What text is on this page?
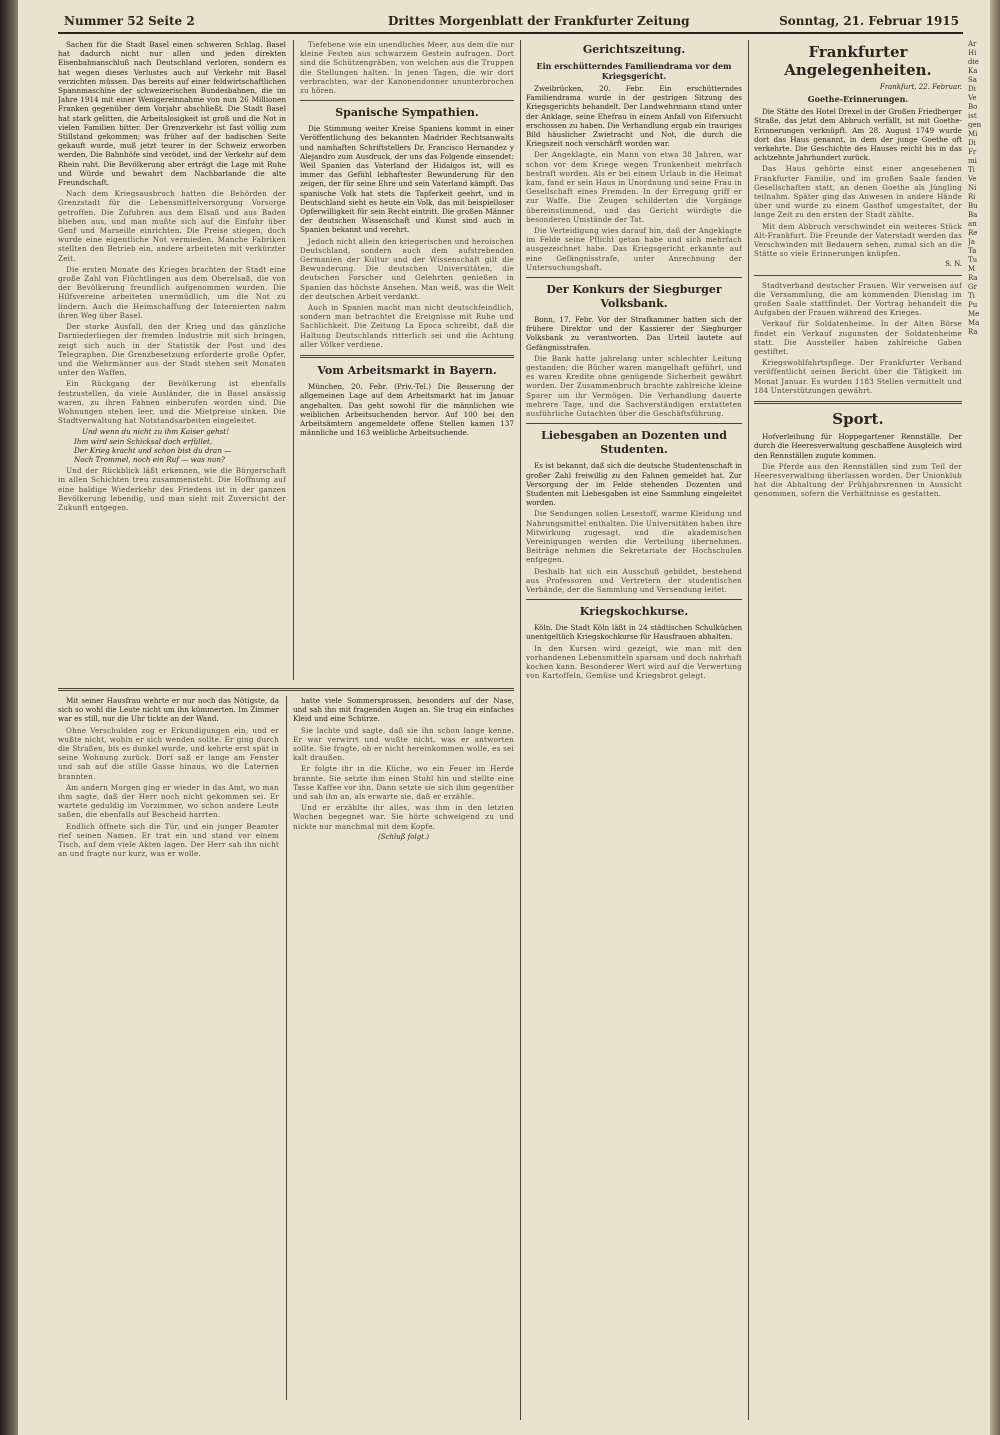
Nummer 52 Seite 2	Drittes Morgenblatt der Frankfurter Zeitung	Sonntag, 21. Februar 1915

Sachen für die Stadt Basel einen schweren Schlag. Basel hat dadurch nicht nur allen und jeden direkten Eisenbahnanschluß nach Deutschland verloren, sondern es hat wegen dieses Verlustes auch auf Verkehr mit Basel verzichten müssen. Das bereits auf einer feldwirtschaftlichen Spannmaschine der schweizerischen Bundesbahnen, die im Jahre 1914 mit einer Wenigereinnahme von nun 26 Millionen Franken gegenüber dem Vorjahr abschließt. Die Stadt Basel hat stark gelitten, die Arbeitslosigkeit ist groß und die Not in vielen Familien bitter. Der Grenzverkehr ist fast völlig zum Stillstand gekommen; was früher auf der badischen Seite gekauft wurde, muß jetzt teurer in der Schweiz erworben werden. Die Bahnhöfe sind verödet, und der Verkehr auf dem Rhein ruht. Die Bevölkerung aber erträgt die Lage mit Ruhe und Würde und bewahrt dem Nachbarlande die alte Freundschaft.

Nach dem Kriegsausbruch hatten die Behörden der Grenzstadt für die Lebensmittelversorgung Vorsorge getroffen. Die Zufuhren aus dem Elsaß und aus Baden blieben aus, und man mußte sich auf die Einfuhr über Genf und Marseille einrichten. Die Preise stiegen, doch wurde eine eigentliche Not vermieden. Manche Fabriken stellten den Betrieb ein, andere arbeiteten mit verkürzter Zeit.

Die ersten Monate des Krieges brachten der Stadt eine große Zahl von Flüchtlingen aus dem Oberelsaß, die von der Bevölkerung freundlich aufgenommen wurden. Die Hilfsvereine arbeiteten unermüdlich, um die Not zu lindern. Auch die Heimschaffung der Internierten nahm ihren Weg über Basel.

Der starke Ausfall, den der Krieg und das gänzliche Darniederliegen der fremden Industrie mit sich bringen, zeigt sich auch in der Statistik der Post und des Telegraphen. Die Grenzbesetzung erforderte große Opfer, und die Wehrmänner aus der Stadt stehen seit Monaten unter den Waffen.

Ein Rückgang der Bevölkerung ist ebenfalls festzustellen, da viele Ausländer, die in Basel ansässig waren, zu ihren Fahnen einberufen worden sind. Die Wohnungen stehen leer, und die Mietpreise sinken. Die Stadtverwaltung hat Notstandsarbeiten eingeleitet.

Und wenn du nicht zu ihm Kaiser gehst!
Ihm wird sein Schicksal doch erfüllet,
Der Krieg kracht und schon bist du dran —
Noch Trommel, noch ein Ruf — was nun?

Und der Rückblick läßt erkennen, wie die Bürgerschaft in allen Schichten treu zusammensteht. Die Hoffnung auf eine baldige Wiederkehr des Friedens ist in der ganzen Bevölkerung lebendig, und man sieht mit Zuversicht der Zukunft entgegen.

Tiefebene wie ein unendliches Meer, aus dem die nur kleine Festen aus schwarzem Gestein aufragen. Dort sind die Schützengräben, von welchen aus die Truppen die Stellungen halten. In jenen Tagen, die wir dort verbrachten, war der Kanonendonner ununterbrochen zu hören.

Spanische Sympathien.

Die Stimmung weiter Kreise Spaniens kommt in einer Veröffentlichung des bekannten Madrider Rechtsanwalts und namhaften Schriftstellers Dr. Francisco Hernandez y Alejandro zum Ausdruck, der uns das Folgende einsendet: Weil Spanien das Vaterland der Hidalgos ist, will es immer das Gefühl lebhaftester Bewunderung für den zeigen, der für seine Ehre und sein Vaterland kämpft. Das spanische Volk hat stets die Tapferkeit geehrt, und in Deutschland sieht es heute ein Volk, das mit beispielloser Opferwilligkeit für sein Recht eintritt. Die großen Männer der deutschen Wissenschaft und Kunst sind auch in Spanien bekannt und verehrt.

Jedoch nicht allein den kriegerischen und heroischen Deutschland, sondern auch dem aufstrebenden Germanien der Kultur und der Wissenschaft gilt die Bewunderung. Die deutschen Universitäten, die deutschen Forscher und Gelehrten genießen in Spanien das höchste Ansehen. Man weiß, was die Welt der deutschen Arbeit verdankt.

Auch in Spanien macht man nicht deutschfeindlich, sondern man betrachtet die Ereignisse mit Ruhe und Sachlichkeit. Die Zeitung La Epoca schreibt, daß die Haltung Deutschlands ritterlich sei und die Achtung aller Völker verdiene.

Vom Arbeitsmarkt in Bayern.

München, 20. Febr. (Priv.-Tel.) Die Besserung der allgemeinen Lage auf dem Arbeitsmarkt hat im Januar angehalten. Das geht sowohl für die männlichen wie weiblichen Arbeitsuchenden hervor. Auf 100 bei den Arbeitsämtern angemeldete offene Stellen kamen 137 männliche und 163 weibliche Arbeitsuchende.

Gerichtszeitung.
Ein erschütterndes Familiendrama vor dem Kriegsgericht.

Zweibrücken, 20. Febr. Ein erschütterndes Familiendrama wurde in der gestrigen Sitzung des Kriegsgerichts behandelt. Der Landwehrmann stand unter der Anklage, seine Ehefrau in einem Anfall von Eifersucht erschossen zu haben. Die Verhandlung ergab ein trauriges Bild häuslicher Zwietracht und Not, die durch die Kriegszeit noch verschärft worden war.

Der Angeklagte, ein Mann von etwa 38 Jahren, war schon vor dem Kriege wegen Trunkenheit mehrfach bestraft worden. Als er bei einem Urlaub in die Heimat kam, fand er sein Haus in Unordnung und seine Frau in Gesellschaft eines Fremden. In der Erregung griff er zur Waffe. Die Zeugen schilderten die Vorgänge übereinstimmend, und das Gericht würdigte die besonderen Umstände der Tat.

Die Verteidigung wies darauf hin, daß der Angeklagte im Felde seine Pflicht getan habe und sich mehrfach ausgezeichnet habe. Das Kriegsgericht erkannte auf eine Gefängnisstrafe, unter Anrechnung der Untersuchungshaft.

Der Konkurs der Siegburger Volksbank.

Bonn, 17. Febr. Vor der Strafkammer hatten sich der frühere Direktor und der Kassierer der Siegburger Volksbank zu verantworten. Das Urteil lautete auf Gefängnisstrafen.

Die Bank hatte jahrelang unter schlechter Leitung gestanden; die Bücher waren mangelhaft geführt, und es waren Kredite ohne genügende Sicherheit gewährt worden. Der Zusammenbruch brachte zahlreiche kleine Sparer um ihr Vermögen. Die Verhandlung dauerte mehrere Tage, und die Sachverständigen erstatteten ausführliche Gutachten über die Geschäftsführung.

Liebesgaben an Dozenten und Studenten.

Es ist bekannt, daß sich die deutsche Studentenschaft in großer Zahl freiwillig zu den Fahnen gemeldet hat. Zur Versorgung der im Felde stehenden Dozenten und Studenten mit Liebesgaben ist eine Sammlung eingeleitet worden.

Die Sendungen sollen Lesestoff, warme Kleidung und Nahrungsmittel enthalten. Die Universitäten haben ihre Mitwirkung zugesagt, und die akademischen Vereinigungen werden die Verteilung übernehmen. Beiträge nehmen die Sekretariate der Hochschulen entgegen.

Deshalb hat sich ein Ausschuß gebildet, bestehend aus Professoren und Vertretern der studentischen Verbände, der die Sammlung und Versendung leitet.

Kriegskochkurse.

Köln. Die Stadt Köln läßt in 24 städtischen Schulküchen unentgeltlich Kriegskochkurse für Hausfrauen abhalten.

In den Kursen wird gezeigt, wie man mit den vorhandenen Lebensmitteln sparsam und doch nahrhaft kochen kann. Besonderer Wert wird auf die Verwertung von Kartoffeln, Gemüse und Kriegsbrot gelegt.

Frankfurter Angelegenheiten.
Frankfurt, 22. Februar.
Goethe-Erinnerungen.

Die Stätte des Hotel Drexel in der Großen Friedberger Straße, das jetzt dem Abbruch verfällt, ist mit Goethe-Erinnerungen verknüpft. Am 28. August 1749 wurde dort das Haus genannt, in dem der junge Goethe oft verkehrte. Die Geschichte des Hauses reicht bis in das achtzehnte Jahrhundert zurück.

Das Haus gehörte einst einer angesehenen Frankfurter Familie, und im großen Saale fanden Gesellschaften statt, an denen Goethe als Jüngling teilnahm. Später ging das Anwesen in andere Hände über und wurde zu einem Gasthof umgestaltet, der lange Zeit zu den ersten der Stadt zählte.

Mit dem Abbruch verschwindet ein weiteres Stück Alt-Frankfurt. Die Freunde der Vaterstadt werden das Verschwinden mit Bedauern sehen, zumal sich an die Stätte so viele Erinnerungen knüpfen.

S. N.

Stadtverband deutscher Frauen. Wir verweisen auf die Versammlung, die am kommenden Dienstag im großen Saale stattfindet. Der Vortrag behandelt die Aufgaben der Frauen während des Krieges.

Verkauf für Soldatenheime. In der Alten Börse findet ein Verkauf zugunsten der Soldatenheime statt. Die Aussteller haben zahlreiche Gaben gestiftet.

Kriegswohlfahrtspflege. Der Frankfurter Verband veröffentlicht seinen Bericht über die Tätigkeit im Monat Januar. Es wurden 1183 Stellen vermittelt und 184 Unterstützungen gewährt.

Sport.

Hofverleihung für Hoppegartener Rennställe. Der durch die Heeresverwaltung geschaffene Ausgleich wird den Rennställen zugute kommen.

Die Pferde aus den Rennställen sind zum Teil der Heeresverwaltung überlassen worden. Der Unionklub hat die Abhaltung der Frühjahrsrennen in Aussicht genommen, sofern die Verhältnisse es gestatten.

Mit seiner Hausfrau wehrte er nur noch das Nötigste, da sich so wohl die Leute nicht um ihn kümmerten. Im Zimmer war es still, nur die Uhr tickte an der Wand.

Ohne Verschulden zog er Erkundigungen ein, und er wußte nicht, wohin er sich wenden sollte. Er ging durch die Straßen, bis es dunkel wurde, und kehrte erst spät in seine Wohnung zurück. Dort saß er lange am Fenster und sah auf die stille Gasse hinaus, wo die Laternen brannten.

Am andern Morgen ging er wieder in das Amt, wo man ihm sagte, daß der Herr noch nicht gekommen sei. Er wartete geduldig im Vorzimmer, wo schon andere Leute saßen, die ebenfalls auf Bescheid harrten.

Endlich öffnete sich die Tür, und ein junger Beamter rief seinen Namen. Er trat ein und stand vor einem Tisch, auf dem viele Akten lagen. Der Herr sah ihn nicht an und fragte nur kurz, was er wolle.

hatte viele Sommersprossen, besonders auf der Nase, und sah ihn mit fragenden Augen an. Sie trug ein einfaches Kleid und eine Schürze.

Sie lachte und sagte, daß sie ihn schon lange kenne. Er war verwirrt und wußte nicht, was er antworten sollte. Sie fragte, ob er nicht hereinkommen wolle, es sei kalt draußen.

Er folgte ihr in die Küche, wo ein Feuer im Herde brannte. Sie setzte ihm einen Stuhl hin und stellte eine Tasse Kaffee vor ihn. Dann setzte sie sich ihm gegenüber und sah ihn an, als erwarte sie, daß er erzähle.

Und er erzählte ihr alles, was ihm in den letzten Wochen begegnet war. Sie hörte schweigend zu und nickte nur manchmal mit dem Kopfe.

(Schluß folgt.)
Ar
Hi
die
Ka
Sa
Di
Ve
Bo
ist
gen
Mi
Di
Fr
mi
Ti
Ve
Ni
Ri
Bu
Ba
an
Re
Ja
Ta
Tu
M
Ra
Gr
Ti
Pu
Me
Ma
Ra
